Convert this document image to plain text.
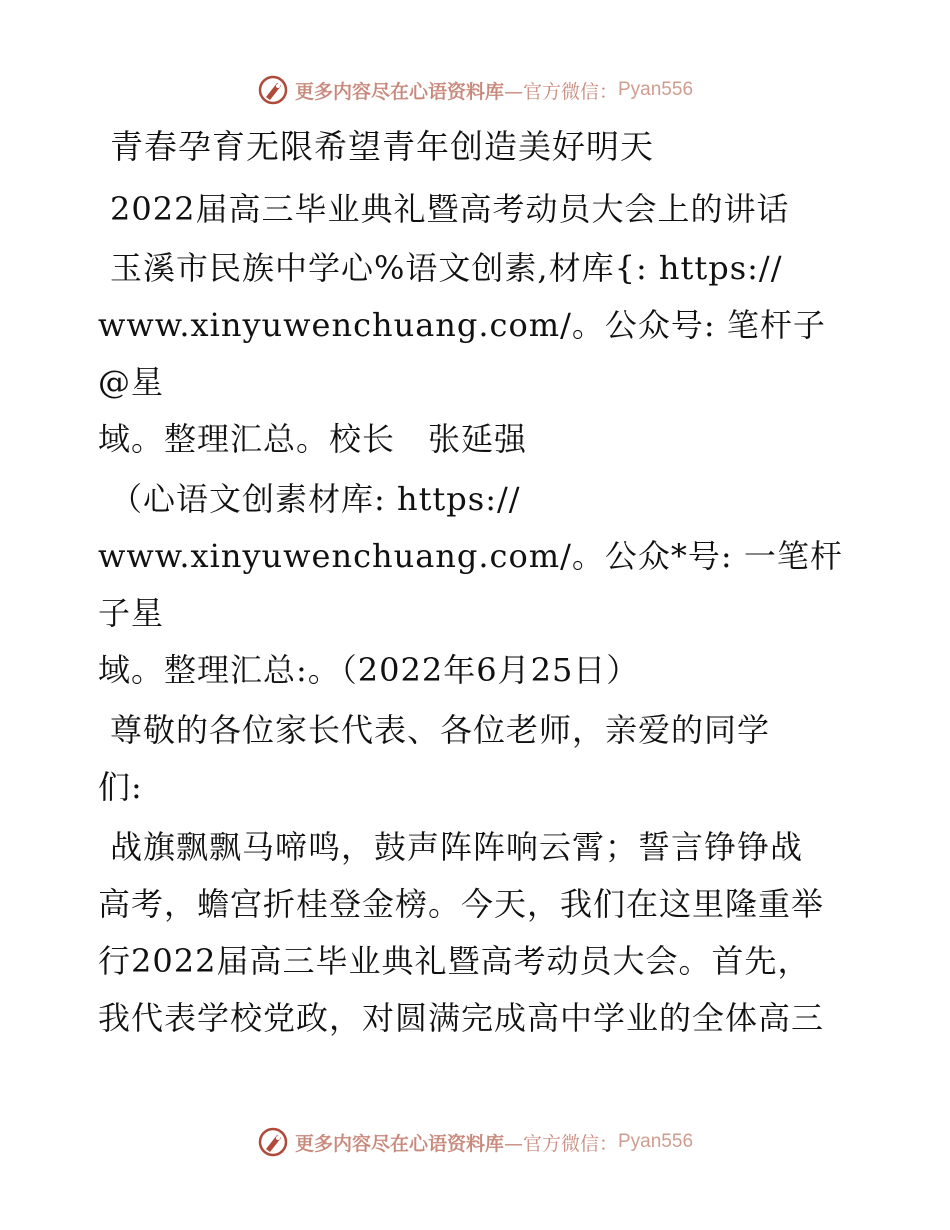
更多内容尽在心语资料库 —官方微信： Pyan556

青春孕育无限希望青年创造美好明天

2022届高三毕业典礼暨高考动员大会上的讲话

玉溪市民族中学心%语文创素,材库{: https://

www.xinyuwenchuang.com/。公众号: 笔杆子@星

域。整理汇总。校长　张延强

（心语文创素材库: https://

www.xinyuwenchuang.com/。公众*号: 一笔杆子星

域。整理汇总:。（2022年6月25日）

尊敬的各位家长代表、各位老师，亲爱的同学

们:

战旗飘飘马啼鸣，鼓声阵阵响云霄；誓言铮铮战

高考，蟾宫折桂登金榜。今天，我们在这里隆重举

行2022届高三毕业典礼暨高考动员大会。首先，

我代表学校党政，对圆满完成高中学业的全体高三

更多内容尽在心语资料库 —官方微信： Pyan556
